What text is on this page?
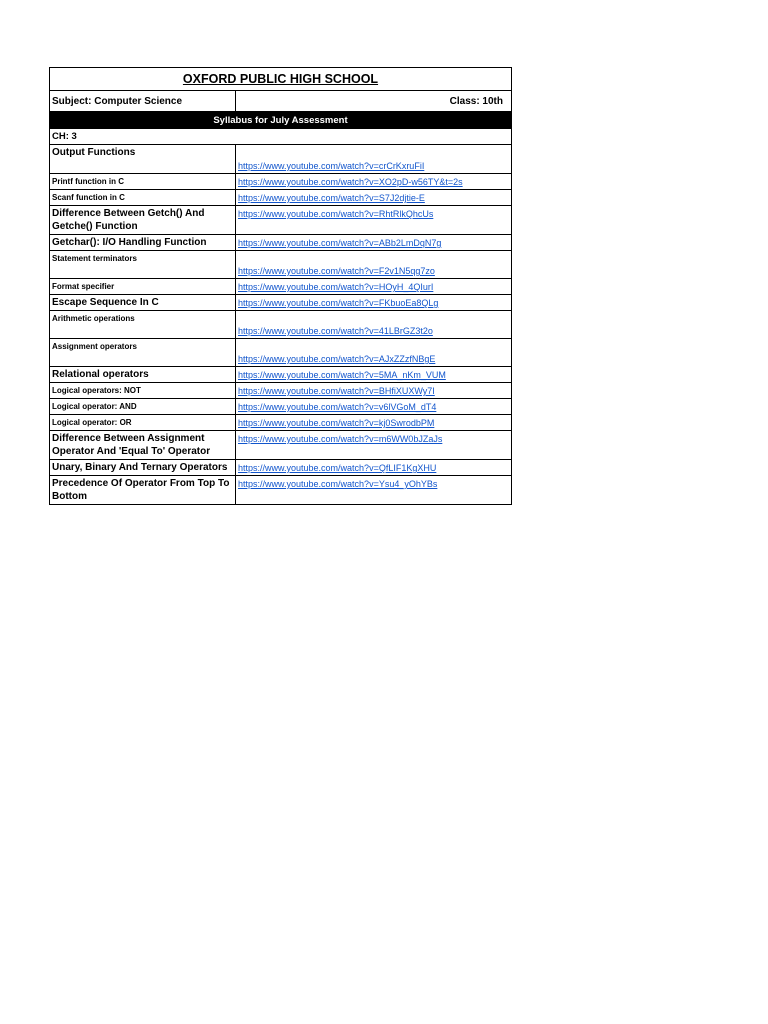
OXFORD PUBLIC HIGH SCHOOL	
Subject: Computer Science	Class: 10th
Syllabus for July Assessment	
CH: 3	
Output Functions	https://www.youtube.com/watch?v=crCrKxruFiI
Printf function in C	https://www.youtube.com/watch?v=XO2pD-w56TY&t=2s
Scanf function in C	https://www.youtube.com/watch?v=S7J2djtie-E
Difference Between Getch() And Getche() Function	https://www.youtube.com/watch?v=RhtRlkQhcUs
Getchar(): I/O Handling Function	https://www.youtube.com/watch?v=ABb2LmDqN7g
Statement terminators	https://www.youtube.com/watch?v=F2v1N5qg7zo
Format specifier	https://www.youtube.com/watch?v=HOyH_4QIurI
Escape Sequence In C	https://www.youtube.com/watch?v=FKbuoEa8QLg
Arithmetic operations	https://www.youtube.com/watch?v=41LBrGZ3t2o
Assignment operators	https://www.youtube.com/watch?v=AJxZZzfNBgE
Relational operators	https://www.youtube.com/watch?v=5MA_nKm_VUM
Logical operators: NOT	https://www.youtube.com/watch?v=BHfiXUXWy7I
Logical operator: AND	https://www.youtube.com/watch?v=v6lVGoM_dT4
Logical operator: OR	https://www.youtube.com/watch?v=kj0SwrodbPM
Difference Between Assignment Operator And 'Equal To' Operator	https://www.youtube.com/watch?v=m6WW0bJZaJs
Unary, Binary And Ternary Operators	https://www.youtube.com/watch?v=QfLIF1KgXHU
Precedence Of Operator From Top To Bottom	https://www.youtube.com/watch?v=Ysu4_yOhYBs
